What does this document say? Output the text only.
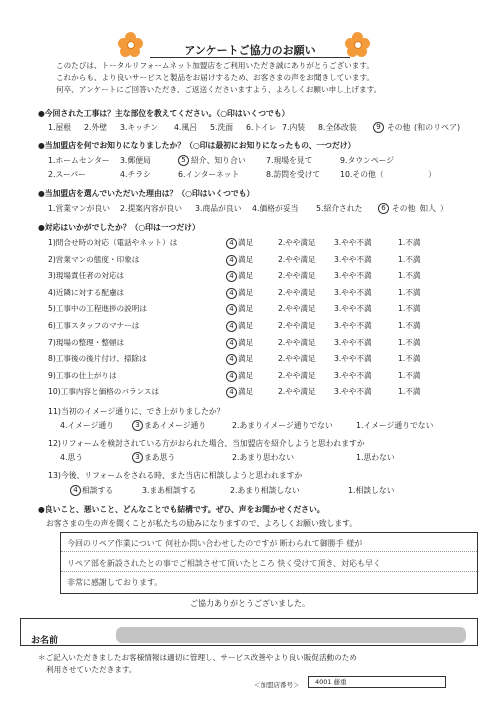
アンケートご協力のお願い
このたびは、トータルリフォームネット加盟店をご利用いただき誠にありがとうございます。
これからも、より良いサービスと製品をお届けするため、お客さまの声をお聞きしています。
何卒、アンケートにご回答いただき、ご返送くださいますよう、よろしくお願い申し上げます。
●今回された工事は？主な部位を教えてください。（○印はいくつでも）
1.屋根 2.外壁 3.キッチン 4.風呂 5.洗面 6.トイレ 7.内装 8.全体改装	9 その他 (和のリペア)
●当加盟店を何でお知りになりましたか？（○印は最初にお知りになったもの、一つだけ）
1.ホームセンター 3.郵便局	5 紹介、知り合い	7.現場を見て	9.タウンページ
2.スーパー	4.チラシ	6.インターネット	8.訪問を受けて	10.その他（	）
●当加盟店を選んでいただいた理由は？（○印はいくつでも）
1.営業マンが良い 2.提案内容が良い 3.商品が良い 4.価格が妥当 5.紹介された	6 その他（
知人 ）
●対応はいかがでしたか？（○印は一つだけ）
1)問合せ時の対応（電話やネット）は	4 満足	2.やや満足 3.やや不満	1.不満
2)営業マンの態度・印象は	4 満足	2.やや満足 3.やや不満	1.不満
3)現場責任者の対応は	4 満足	2.やや満足 3.やや不満	1.不満
4)近隣に対する配慮は	4 満足	2.やや満足 3.やや不満	1.不満
5)工事中の工程進捗の説明は	4 満足	2.やや満足 3.やや不満	1.不満
6)工事スタッフのマナーは	4 満足	2.やや満足 3.やや不満	1.不満
7)現場の整理・整頓は	4 満足	2.やや満足 3.やや不満	1.不満
8)工事後の後片付け、掃除は	4 満足	2.やや満足 3.やや不満	1.不満
9)工事の仕上がりは	4 満足	2.やや満足 3.やや不満	1.不満
10)工事内容と価格のバランスは	4 満足	2.やや満足 3.やや不満	1.不満
11)当初のイメージ通りに、でき上がりましたか？
4.イメージ通り	3 まあイメージ通り	2.あまりイメージ通りでない	1.イメージ通りでない
12)リフォームを検討されている方がおられた場合、当加盟店を紹介しようと思われますか
4.思う	3 まあ思う	2.あまり思わない	1.思わない
13)今後、リフォームをされる時、また当店に相談しようと思われますか
4 相談する	3.まあ相談する	2.あまり相談しない	1.相談しない
●良いこと、悪いこと、どんなことでも結構です。ぜひ、声をお聞かせください。
お客さまの生の声を聞くことが私たちの励みになりますので、よろしくお願い致します。
今回のリペア作業について 何社か問い合わせしたのですが 断わられて御勝手 様が
リペア部を新設されたとの事でご相談させて頂いたところ 快く受けて頂き、対応も早く
非常に感謝しております。
ご協力ありがとうございました。
お名前
＊ご記入いただきましたお客様情報は適切に管理し、サービス改善やより良い販促活動のため
利用させていただきます。
＜加盟店番号＞	4001 藤重
